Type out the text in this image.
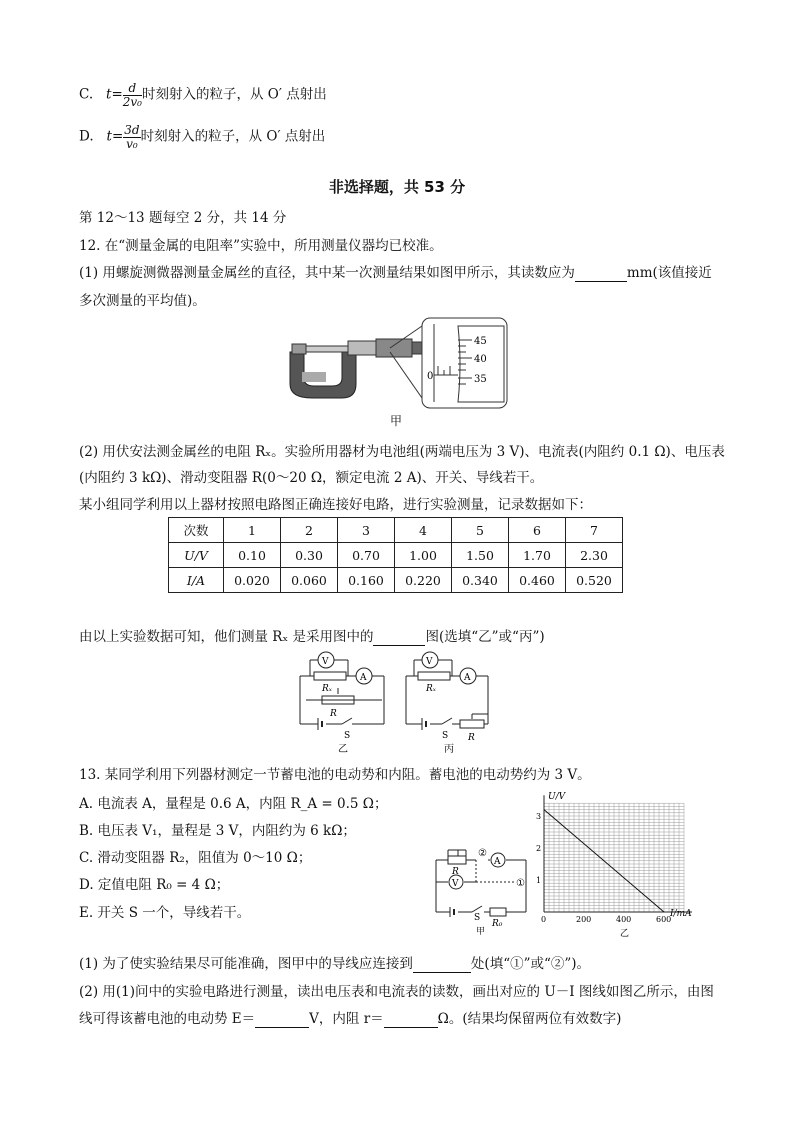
C. $t= \frac{d}{\text{2v₀}}$ 时刻射入的粒子，从 O′ 点射出
D. $t= \frac{3d}{\text{v₀}}$ 时刻射入的粒子，从 O′ 点射出
非选择题，共 53 分
第 12～13 题每空 2 分，共 14 分
12. 在“测量金属的电阻率”实验中，所用测量仪器均已校准。
(1) 用螺旋测微器测量金属丝的直径，其中某一次测量结果如图甲所示，其读数应为	mm(该值接近
多次测量的平均值)。
45
40
35
0
甲
(2) 用伏安法测金属丝的电阻 Rₓ。实验所用器材为电池组(两端电压为 3 V)、电流表(内阻约 0.1 Ω)、电压表
(内阻约 3 kΩ)、滑动变阻器 R(0～20 Ω，额定电流 2 A)、开关、导线若干。
某小组同学利用以上器材按照电路图正确连接好电路，进行实验测量，记录数据如下：
次数	1	2	3	4	5	6	7
U/V	0.10	0.30	0.70	1.00	1.50	1.70	2.30
I/A	0.020	0.060	0.160	0.220	0.340	0.460	0.520
由以上实验数据可知，他们测量 Rₓ 是采用图中的	图(选填“乙”或“丙”)
V
A
Rₓ
R
S
乙
V
A
Rₓ
R
S
丙
13. 某同学利用下列器材测定一节蓄电池的电动势和内阻。蓄电池的电动势约为 3 V。
A. 电流表 A，量程是 0.6 A，内阻 R_A = 0.5 Ω；
B. 电压表 V₁，量程是 3 V，内阻约为 6 kΩ；
C. 滑动变阻器 R₂，阻值为 0～10 Ω；
D. 定值电阻 R₀ = 4 Ω；
E. 开关 S 一个，导线若干。
V
A
R
R₀
S
②
①
甲
0	200	400	600
1
2
3
U/V
I/mA
乙
(1) 为了使实验结果尽可能准确，图甲中的导线应连接到	处(填“①”或“②”)。
(2) 用(1)问中的实验电路进行测量，读出电压表和电流表的读数，画出对应的 U－I 图线如图乙所示，由图
线可得该蓄电池的电动势 E＝	V，内阻 r＝	Ω。(结果均保留两位有效数字)
